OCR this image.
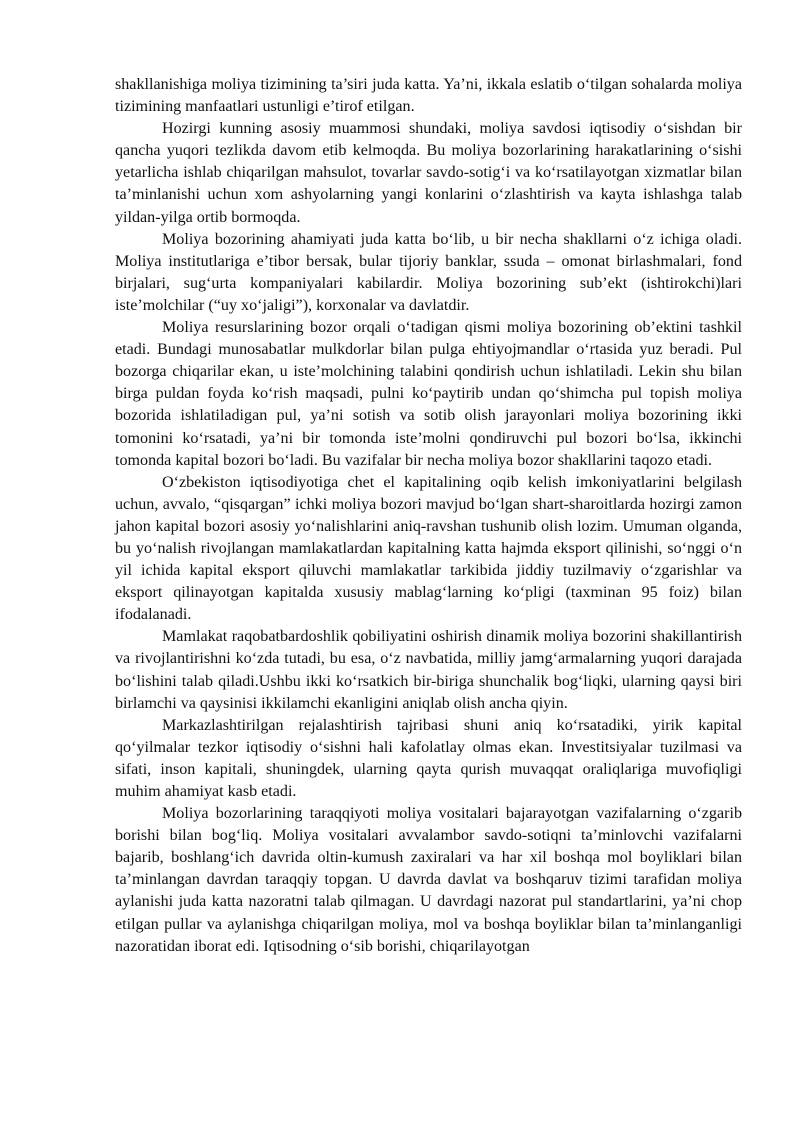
shakllanishiga moliya tizimining ta’siri juda katta. Ya’ni, ikkala eslatib o‘tilgan sohalarda moliya tizimining manfaatlari ustunligi e’tirof etilgan.

Hozirgi kunning asosiy muammosi shundaki, moliya savdosi iqtisodiy o‘sishdan bir qancha yuqori tezlikda davom etib kelmoqda. Bu moliya bozorlarining harakatlarining o‘sishi yetarlicha ishlab chiqarilgan mahsulot, tovarlar savdo-sotig‘i va ko‘rsatilayotgan xizmatlar bilan ta’minlanishi uchun xom ashyolarning yangi konlarini o‘zlashtirish va kayta ishlashga talab yildan-yilga ortib bormoqda.

Moliya bozorining ahamiyati juda katta bo‘lib, u bir necha shakllarni o‘z ichiga oladi. Moliya institutlariga e’tibor bersak, bular tijoriy banklar, ssuda – omonat birlashmalari, fond birjalari, sug‘urta kompaniyalari kabilardir. Moliya bozorining sub’ekt (ishtirokchi)lari iste’molchilar (“uy xo‘jaligi”), korxonalar va davlatdir.

Moliya resurslarining bozor orqali o‘tadigan qismi moliya bozorining ob’ektini tashkil etadi. Bundagi munosabatlar mulkdorlar bilan pulga ehtiyojmandlar o‘rtasida yuz beradi. Pul bozorga chiqarilar ekan, u iste’molchining talabini qondirish uchun ishlatiladi. Lekin shu bilan birga puldan foyda ko‘rish maqsadi, pulni ko‘paytirib undan qo‘shimcha pul topish moliya bozorida ishlatiladigan pul, ya’ni sotish va sotib olish jarayonlari moliya bozorining ikki tomonini ko‘rsatadi, ya’ni bir tomonda iste’molni qondiruvchi pul bozori bo‘lsa, ikkinchi tomonda kapital bozori bo‘ladi. Bu vazifalar bir necha moliya bozor shakllarini taqozo etadi.

O‘zbekiston iqtisodiyotiga chet el kapitalining oqib kelish imkoniyatlarini belgilash uchun, avvalo, “qisqargan” ichki moliya bozori mavjud bo‘lgan shart-sharoitlarda hozirgi zamon jahon kapital bozori asosiy yo‘nalishlarini aniq-ravshan tushunib olish lozim. Umuman olganda, bu yo‘nalish rivojlangan mamlakatlardan kapitalning katta hajmda eksport qilinishi, so‘nggi o‘n yil ichida kapital eksport qiluvchi mamlakatlar tarkibida jiddiy tuzilmaviy o‘zgarishlar va eksport qilinayotgan kapitalda xususiy mablag‘larning ko‘pligi (taxminan 95 foiz) bilan ifodalanadi.

Mamlakat raqobatbardoshlik qobiliyatini oshirish dinamik moliya bozorini shakillantirish va rivojlantirishni ko‘zda tutadi, bu esa, o‘z navbatida, milliy jamg‘armalarning yuqori darajada bo‘lishini talab qiladi.Ushbu ikki ko‘rsatkich bir-biriga shunchalik bog‘liqki, ularning qaysi biri birlamchi va qaysinisi ikkilamchi ekanligini aniqlab olish ancha qiyin.

Markazlashtirilgan rejalashtirish tajribasi shuni aniq ko‘rsatadiki, yirik kapital qo‘yilmalar tezkor iqtisodiy o‘sishni hali kafolatlay olmas ekan. Investitsiyalar tuzilmasi va sifati, inson kapitali, shuningdek, ularning qayta qurish muvaqqat oraliqlariga muvofiqligi muhim ahamiyat kasb etadi.

Moliya bozorlarining taraqqiyoti moliya vositalari bajarayotgan vazifalarning o‘zgarib borishi bilan bog‘liq. Moliya vositalari avvalambor savdo-sotiqni ta’minlovchi vazifalarni bajarib, boshlang‘ich davrida oltin-kumush zaxiralari va har xil boshqa mol boyliklari bilan ta’minlangan davrdan taraqqiy topgan. U davrda davlat va boshqaruv tizimi tarafidan moliya aylanishi juda katta nazoratni talab qilmagan. U davrdagi nazorat pul standartlarini, ya’ni chop etilgan pullar va aylanishga chiqarilgan moliya, mol va boshqa boyliklar bilan ta’minlanganligi nazoratidan iborat edi. Iqtisodning o‘sib borishi, chiqarilayotgan
